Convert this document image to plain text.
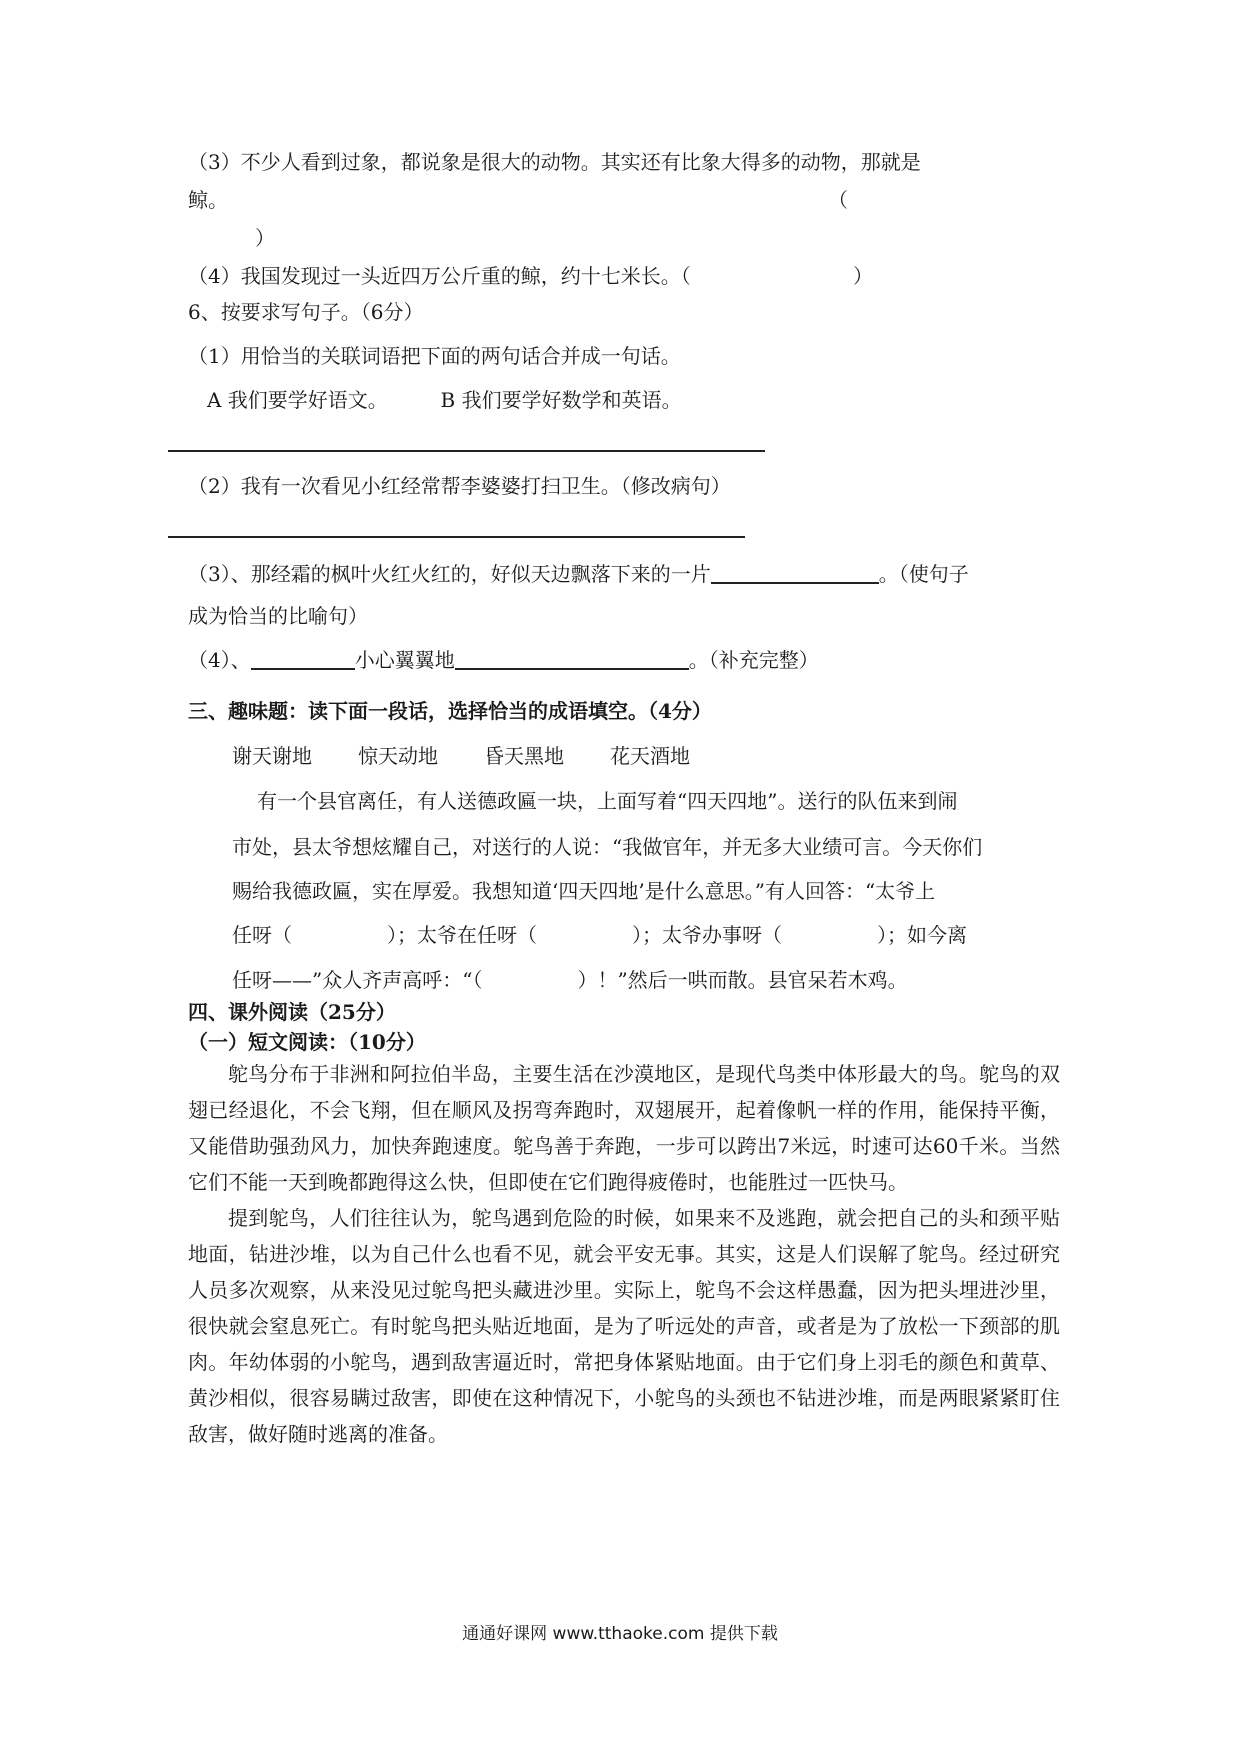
（3）不少人看到过象，都说象是很大的动物。其实还有比象大得多的动物，那就是
鲸。	（
）
（4）我国发现过一头近四万公斤重的鲸，约十七米长。（	）
6、按要求写句子。（6分）
（1）用恰当的关联词语把下面的两句话合并成一句话。
A 我们要学好语文。	B 我们要学好数学和英语。
（2）我有一次看见小红经常帮李婆婆打扫卫生。（修改病句）
（3）、那经霜的枫叶火红火红的，好似天边飘落下来的一片	。（使句子
成为恰当的比喻句）
（4）、	小心翼翼地	。（补充完整）
三、趣味题：读下面一段话，选择恰当的成语填空。（4分）
谢天谢地 惊天动地 昏天黑地 花天酒地
有一个县官离任，有人送德政匾一块，上面写着“四天四地”。送行的队伍来到闹
市处，县太爷想炫耀自己，对送行的人说：“我做官年，并无多大业绩可言。今天你们
赐给我德政匾，实在厚爱。我想知道‘四天四地’是什么意思。”有人回答：“太爷上
任呀（	）；太爷在任呀（	）；太爷办事呀（	）；如今离
任呀——”众人齐声高呼：“（	）！”然后一哄而散。县官呆若木鸡。
四、课外阅读（25分）
（一）短文阅读：（10分）

鸵鸟分布于非洲和阿拉伯半岛，主要生活在沙漠地区，是现代鸟类中体形最大的鸟。鸵鸟的双翅已经退化，不会飞翔，但在顺风及拐弯奔跑时，双翅展开，起着像帆一样的作用，能保持平衡，又能借助强劲风力，加快奔跑速度。鸵鸟善于奔跑，一步可以跨出7米远，时速可达60千米。当然它们不能一天到晚都跑得这么快，但即使在它们跑得疲倦时，也能胜过一匹快马。

提到鸵鸟，人们往往认为，鸵鸟遇到危险的时候，如果来不及逃跑，就会把自己的头和颈平贴地面，钻进沙堆，以为自己什么也看不见，就会平安无事。其实，这是人们误解了鸵鸟。经过研究人员多次观察，从来没见过鸵鸟把头藏进沙里。实际上，鸵鸟不会这样愚蠢，因为把头埋进沙里，很快就会窒息死亡。有时鸵鸟把头贴近地面，是为了听远处的声音，或者是为了放松一下颈部的肌肉。年幼体弱的小鸵鸟，遇到敌害逼近时，常把身体紧贴地面。由于它们身上羽毛的颜色和黄草、黄沙相似，很容易瞒过敌害，即使在这种情况下，小鸵鸟的头颈也不钻进沙堆，而是两眼紧紧盯住敌害，做好随时逃离的准备。

通通好课网 www.tthaoke.com 提供下载
